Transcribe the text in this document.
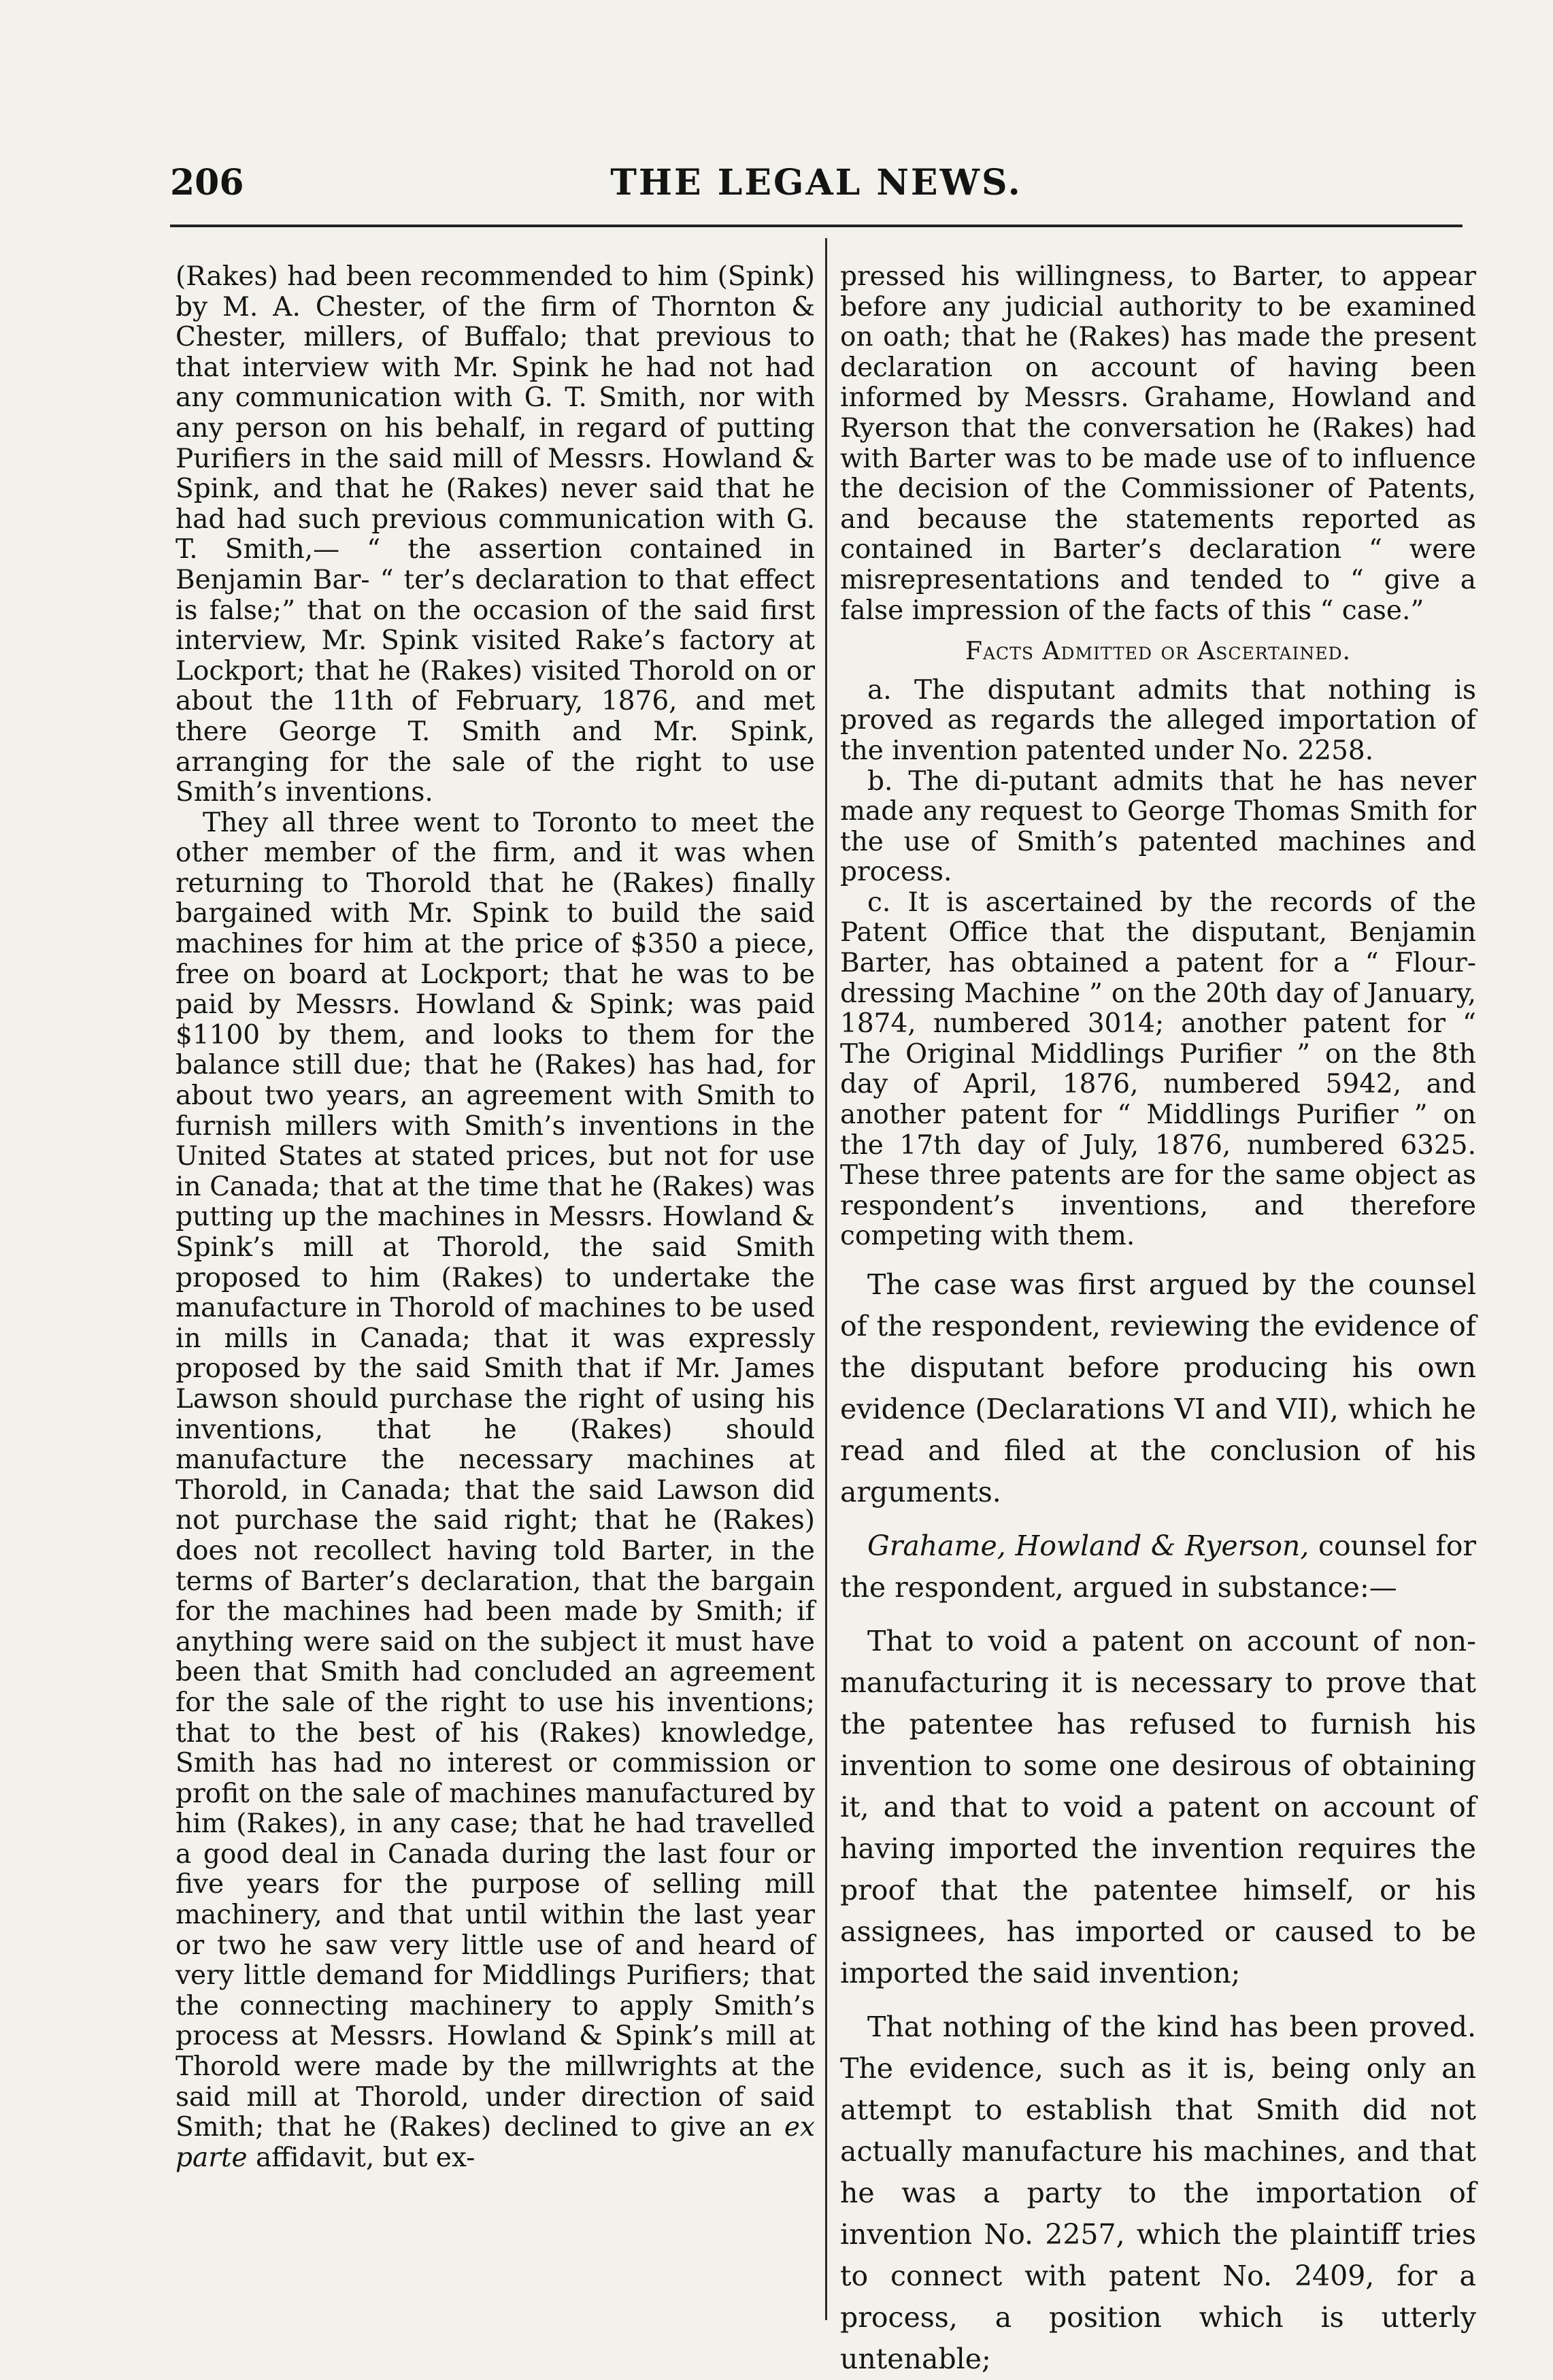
206	THE LEGAL NEWS.

(Rakes) had been recommended to him (Spink) by M. A. Chester, of the firm of Thornton & Chester, millers, of Buffalo; that previous to that interview with Mr. Spink he had not had any communication with G. T. Smith, nor with any person on his behalf, in regard of putting Purifiers in the said mill of Messrs. Howland & Spink, and that he (Rakes) never said that he had had such previous communication with G. T. Smith,— “ the assertion contained in Benjamin Bar- “ ter’s declaration to that effect is false;” that on the occasion of the said first interview, Mr. Spink visited Rake’s factory at Lockport; that he (Rakes) visited Thorold on or about the 11th of February, 1876, and met there George T. Smith and Mr. Spink, arranging for the sale of the right to use Smith’s inventions.

They all three went to Toronto to meet the other member of the firm, and it was when returning to Thorold that he (Rakes) finally bargained with Mr. Spink to build the said machines for him at the price of $350 a piece, free on board at Lockport; that he was to be paid by Messrs. Howland & Spink; was paid $1100 by them, and looks to them for the balance still due; that he (Rakes) has had, for about two years, an agreement with Smith to furnish millers with Smith’s inventions in the United States at stated prices, but not for use in Canada; that at the time that he (Rakes) was putting up the machines in Messrs. Howland & Spink’s mill at Thorold, the said Smith proposed to him (Rakes) to undertake the manufacture in Thorold of machines to be used in mills in Canada; that it was expressly proposed by the said Smith that if Mr. James Lawson should purchase the right of using his inventions, that he (Rakes) should manufacture the necessary machines at Thorold, in Canada; that the said Lawson did not purchase the said right; that he (Rakes) does not recollect having told Barter, in the terms of Barter’s declaration, that the bargain for the machines had been made by Smith; if anything were said on the subject it must have been that Smith had concluded an agreement for the sale of the right to use his inventions; that to the best of his (Rakes) knowledge, Smith has had no interest or commission or profit on the sale of machines manufactured by him (Rakes), in any case; that he had travelled a good deal in Canada during the last four or five years for the purpose of selling mill machinery, and that until within the last year or two he saw very little use of and heard of very little demand for Middlings Purifiers; that the connecting machinery to apply Smith’s process at Messrs. Howland & Spink’s mill at Thorold were made by the millwrights at the said mill at Thorold, under direction of said Smith; that he (Rakes) declined to give an ex parte affidavit, but ex-

pressed his willingness, to Barter, to appear before any judicial authority to be examined on oath; that he (Rakes) has made the present declaration on account of having been informed by Messrs. Grahame, Howland and Ryerson that the conversation he (Rakes) had with Barter was to be made use of to influence the decision of the Commissioner of Patents, and because the statements reported as contained in Barter’s declaration “ were misrepresentations and tended to “ give a false impression of the facts of this “ case.”

Facts Admitted or Ascertained.

a. The disputant admits that nothing is proved as regards the alleged importation of the invention patented under No. 2258.

b. The di-putant admits that he has never made any request to George Thomas Smith for the use of Smith’s patented machines and process.

c. It is ascertained by the records of the Patent Office that the disputant, Benjamin Barter, has obtained a patent for a “ Flour-dressing Machine ” on the 20th day of January, 1874, numbered 3014; another patent for “ The Original Middlings Purifier ” on the 8th day of April, 1876, numbered 5942, and another patent for “ Middlings Purifier ” on the 17th day of July, 1876, numbered 6325. These three patents are for the same object as respondent’s inventions, and therefore competing with them.

The case was first argued by the counsel of the respondent, reviewing the evidence of the disputant before producing his own evidence (Declarations VI and VII), which he read and filed at the conclusion of his arguments.

Grahame, Howland & Ryerson, counsel for the respondent, argued in substance:—

That to void a patent on account of non-manufacturing it is necessary to prove that the patentee has refused to furnish his invention to some one desirous of obtaining it, and that to void a patent on account of having imported the invention requires the proof that the patentee himself, or his assignees, has imported or caused to be imported the said invention;

That nothing of the kind has been proved. The evidence, such as it is, being only an attempt to establish that Smith did not actually manufacture his machines, and that he was a party to the importation of invention No. 2257, which the plaintiff tries to connect with patent No. 2409, for a process, a position which is utterly untenable;
